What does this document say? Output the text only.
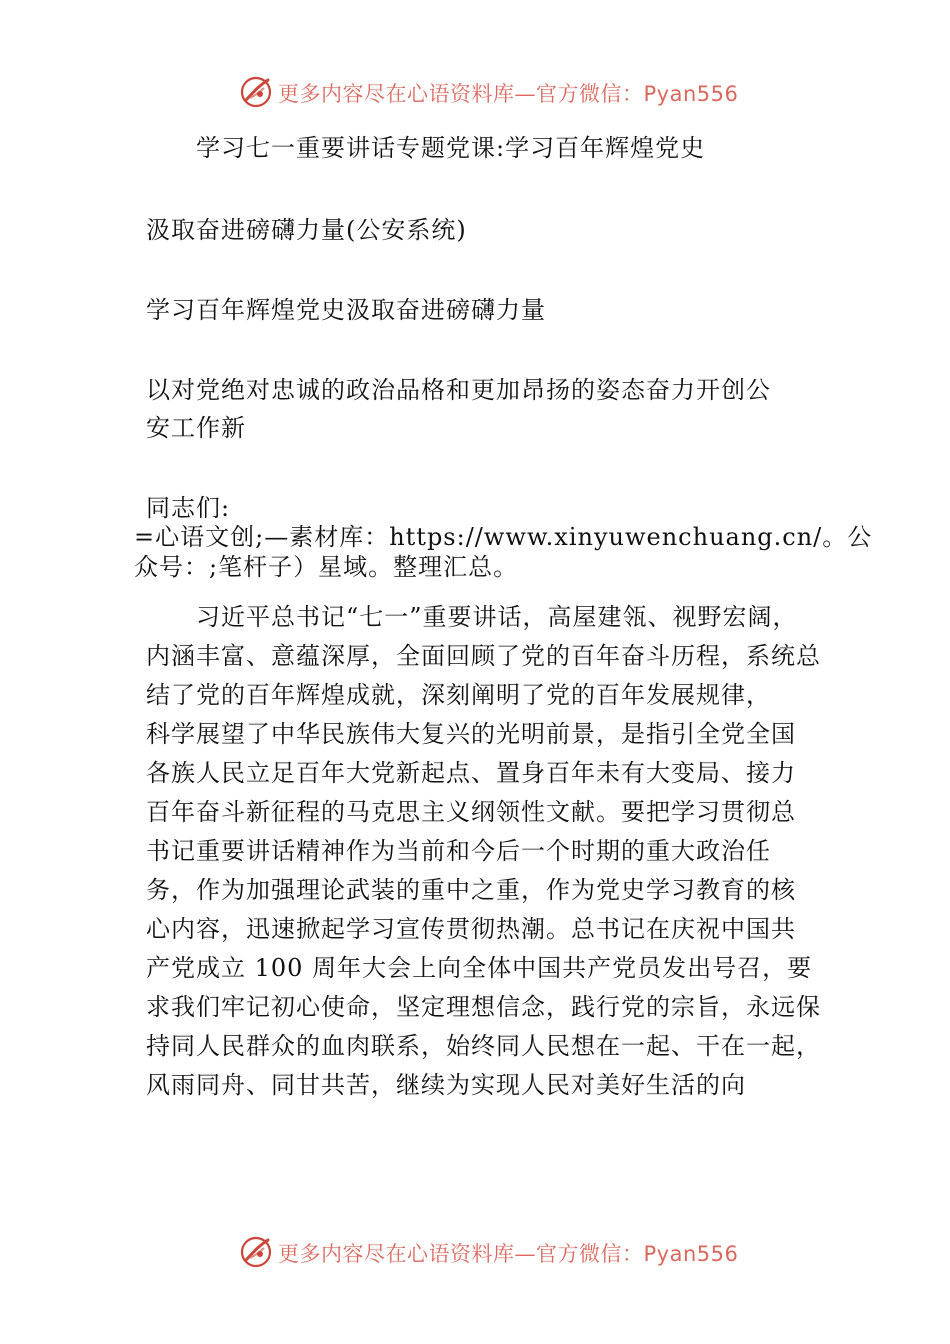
更多内容尽在心语资料库—官方微信：Pyan556
学习七一重要讲话专题党课:学习百年辉煌党史
汲取奋进磅礴力量(公安系统)
学习百年辉煌党史汲取奋进磅礴力量
以对党绝对忠诚的政治品格和更加昂扬的姿态奋力开创公
安工作新
同志们:
=心语文创;—素材库：https://www.xinyuwenchuang.cn/。公
众号：;笔杆子）星域。整理汇总。
习近平总书记“七一”重要讲话，高屋建瓴、视野宏阔，
内涵丰富、意蕴深厚，全面回顾了党的百年奋斗历程，系统总
结了党的百年辉煌成就，深刻阐明了党的百年发展规律，
科学展望了中华民族伟大复兴的光明前景，是指引全党全国
各族人民立足百年大党新起点、置身百年未有大变局、接力
百年奋斗新征程的马克思主义纲领性文献。要把学习贯彻总
书记重要讲话精神作为当前和今后一个时期的重大政治任
务，作为加强理论武装的重中之重，作为党史学习教育的核
心内容，迅速掀起学习宣传贯彻热潮。总书记在庆祝中国共
产党成立 100 周年大会上向全体中国共产党员发出号召，要
求我们牢记初心使命，坚定理想信念，践行党的宗旨，永远保
持同人民群众的血肉联系，始终同人民想在一起、干在一起，
风雨同舟、同甘共苦，继续为实现人民对美好生活的向
更多内容尽在心语资料库—官方微信：Pyan556
